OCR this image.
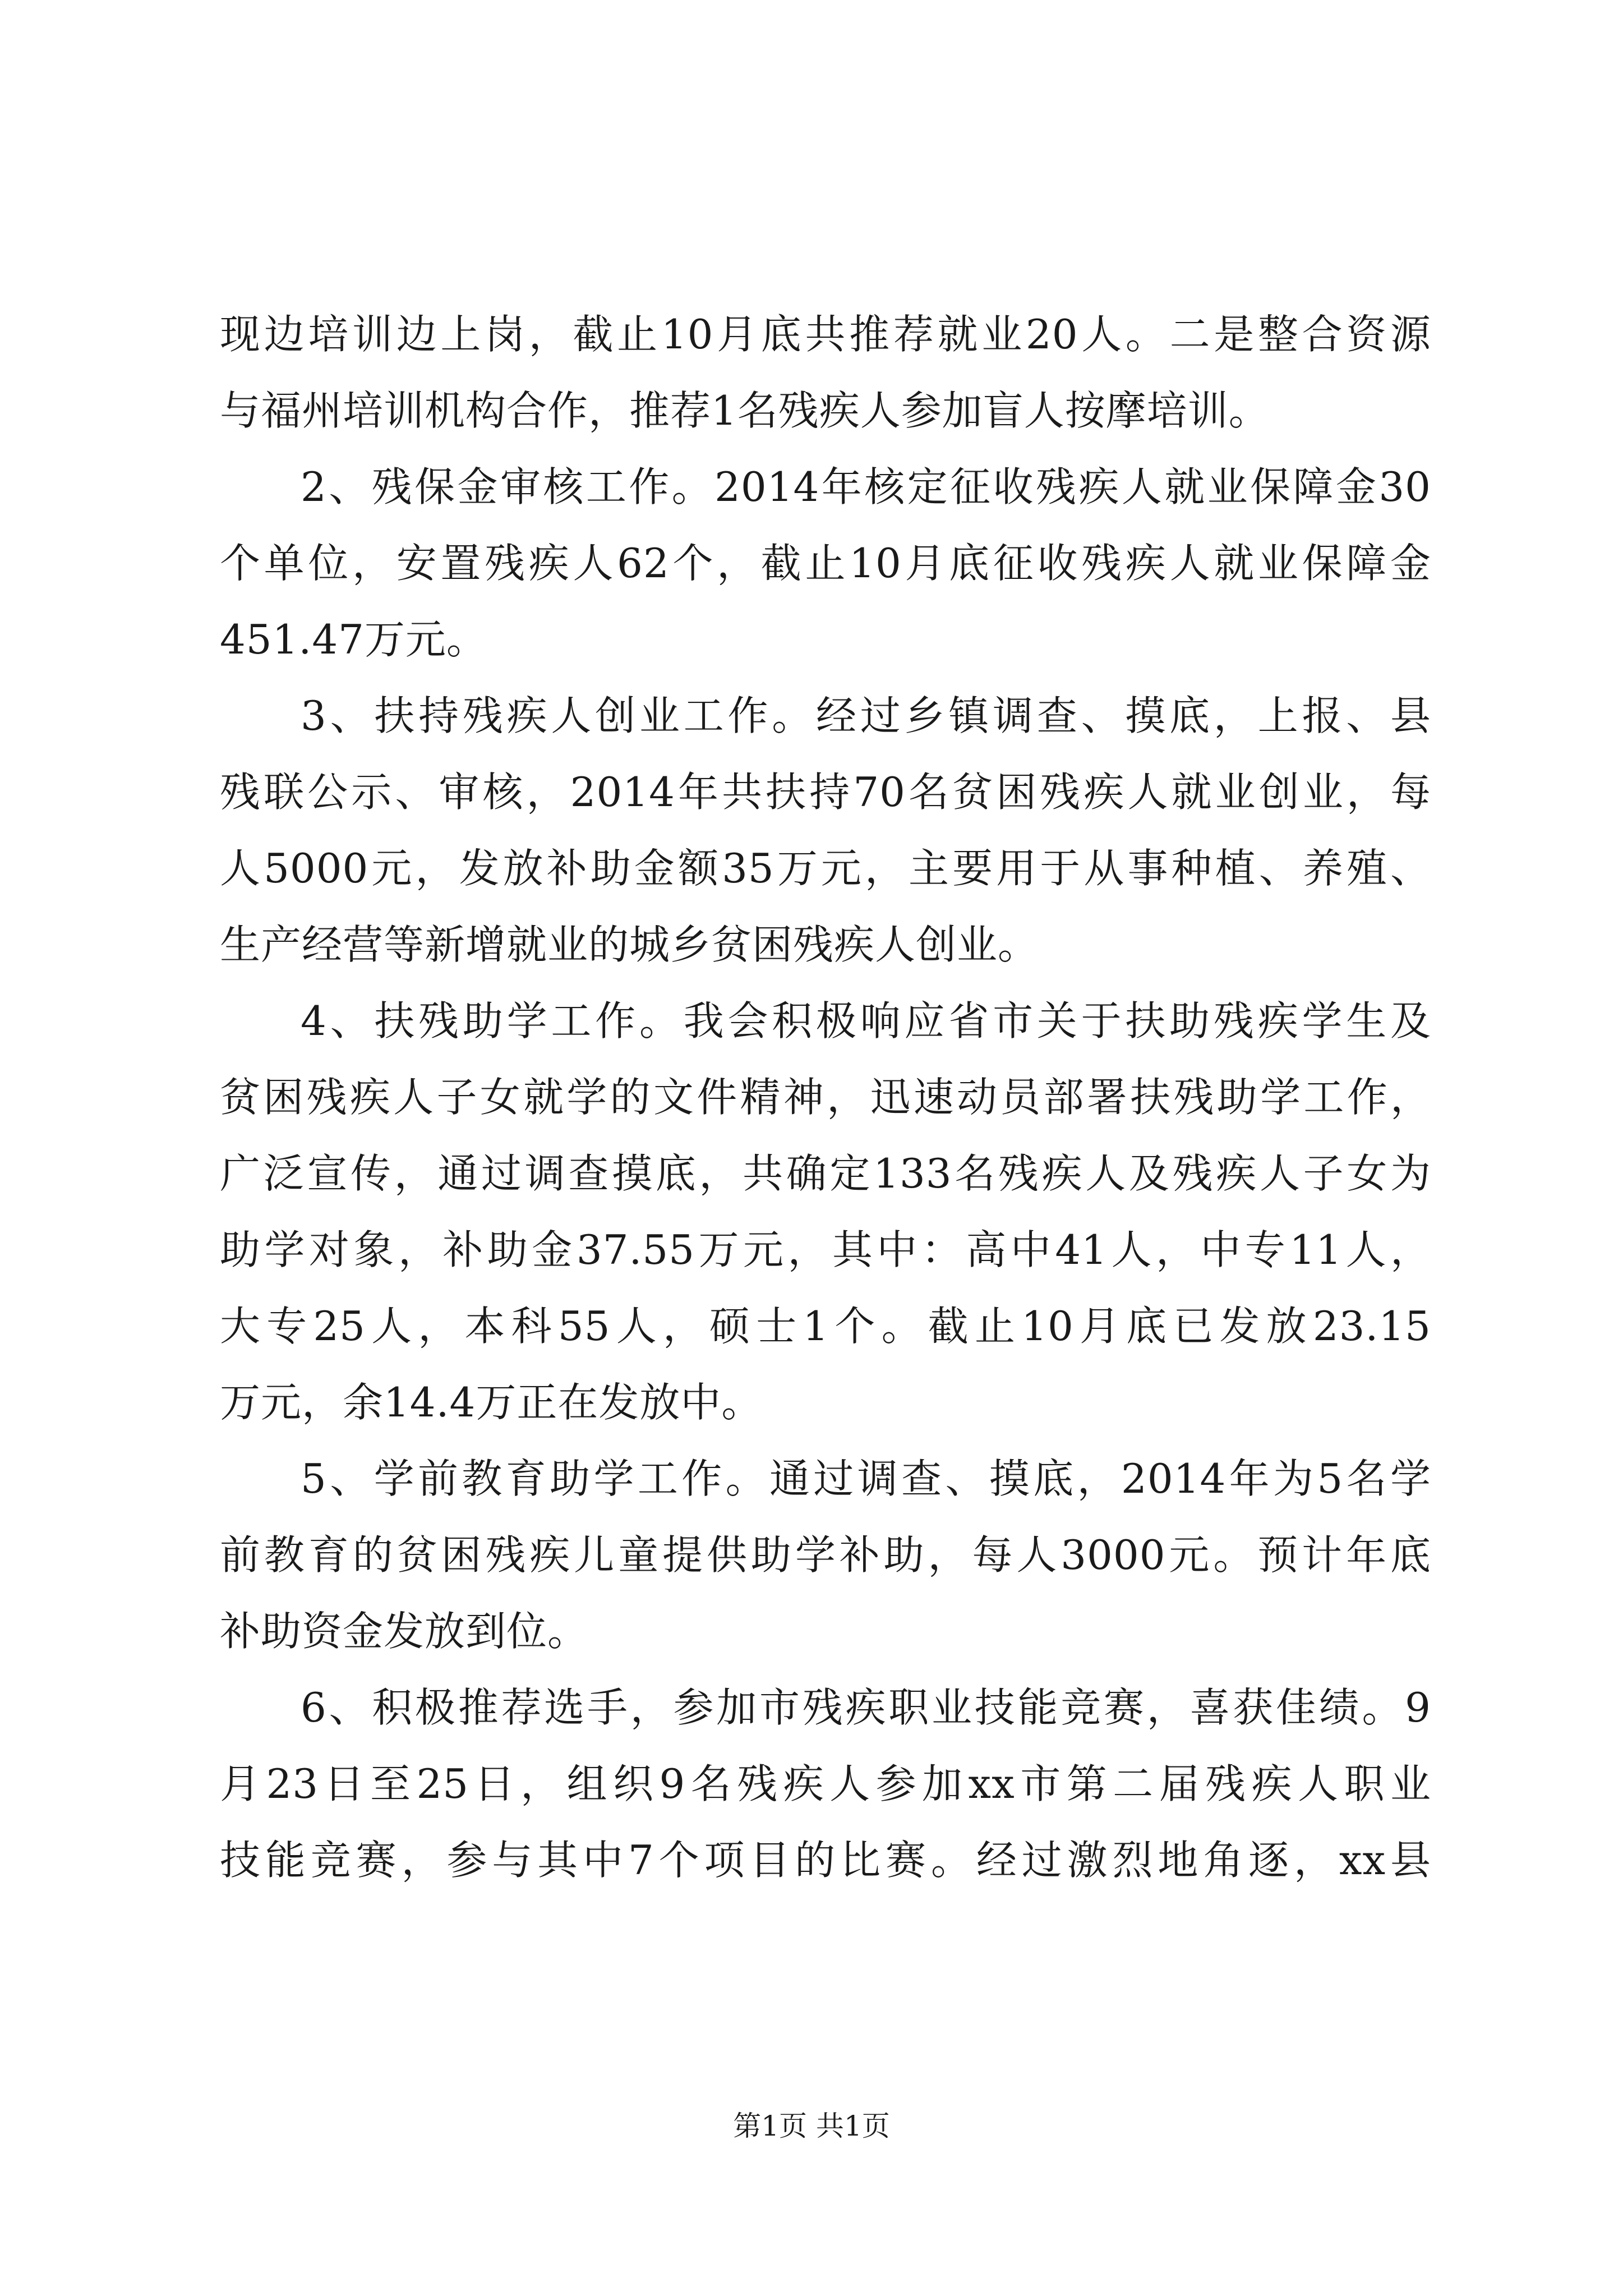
现边培训边上岗，截止10月底共推荐就业20人。二是整合资源
与福州培训机构合作，推荐1名残疾人参加盲人按摩培训。
2、残保金审核工作。2014年核定征收残疾人就业保障金30
个单位，安置残疾人62个，截止10月底征收残疾人就业保障金
451.47万元。
3、扶持残疾人创业工作。经过乡镇调查、摸底，上报、县
残联公示、审核，2014年共扶持70名贫困残疾人就业创业，每
人5000元，发放补助金额35万元，主要用于从事种植、养殖、
生产经营等新增就业的城乡贫困残疾人创业。
4、扶残助学工作。我会积极响应省市关于扶助残疾学生及
贫困残疾人子女就学的文件精神，迅速动员部署扶残助学工作，
广泛宣传，通过调查摸底，共确定133名残疾人及残疾人子女为
助学对象，补助金37.55万元，其中：高中41人，中专11人，
大专25人，本科55人，硕士1个。截止10月底已发放23.15
万元，余14.4万正在发放中。
5、学前教育助学工作。通过调查、摸底，2014年为5名学
前教育的贫困残疾儿童提供助学补助，每人3000元。预计年底
补助资金发放到位。
6、积极推荐选手，参加市残疾职业技能竞赛，喜获佳绩。9
月23日至25日，组织9名残疾人参加xx市第二届残疾人职业
技能竞赛，参与其中7个项目的比赛。经过激烈地角逐，xx县
第1页 共1页
